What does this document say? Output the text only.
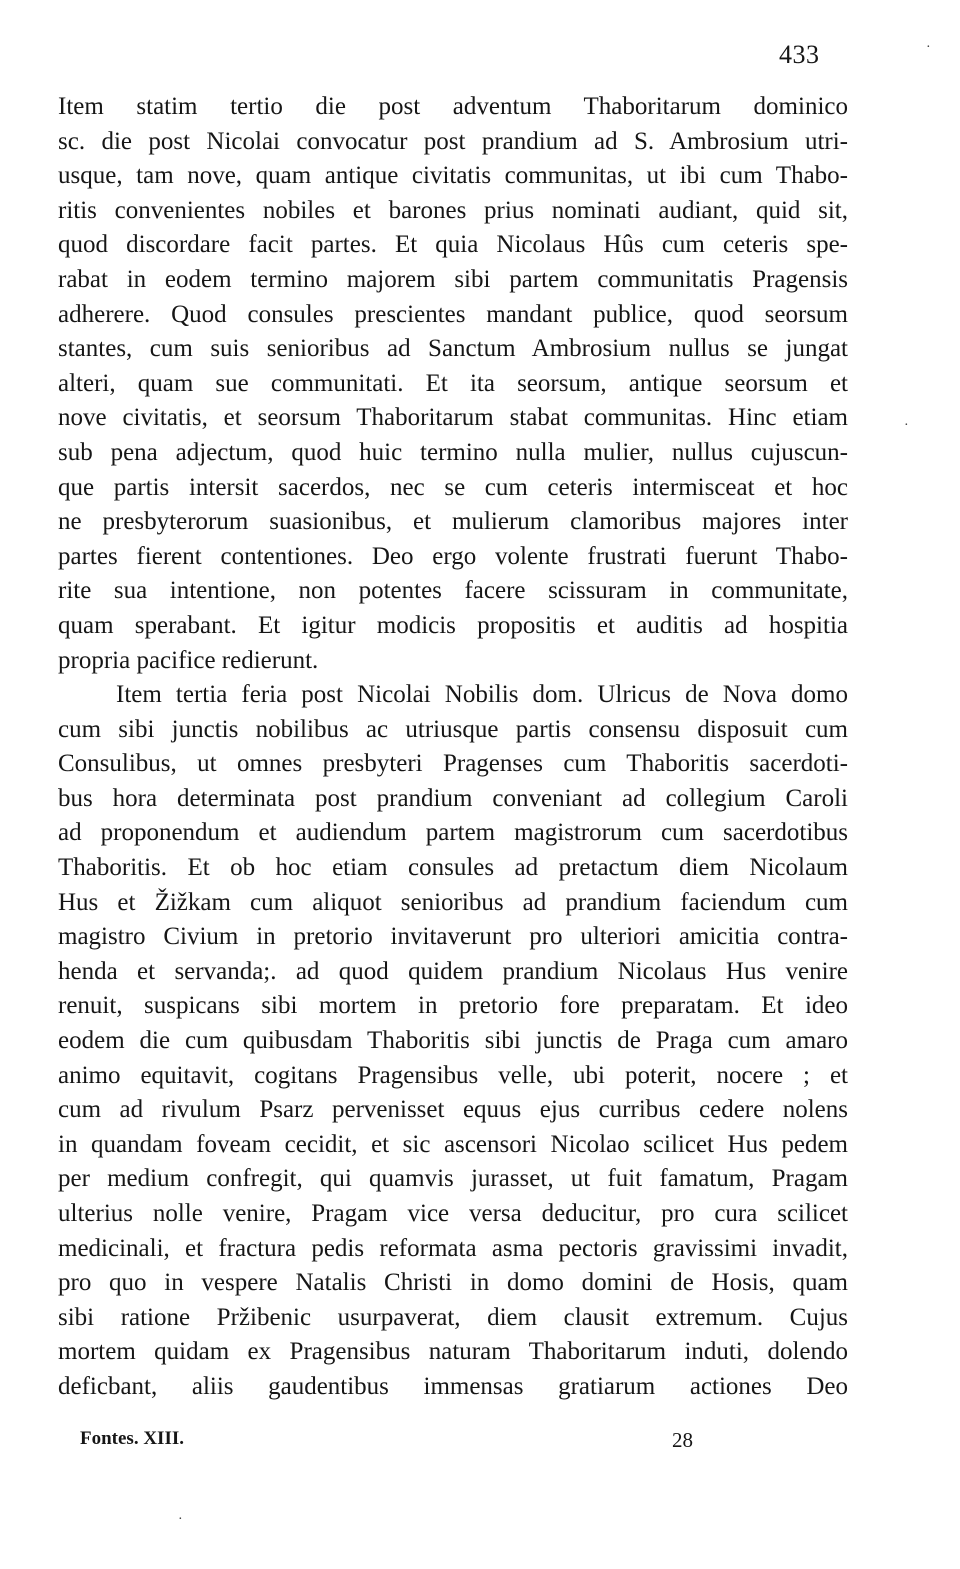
433
Item statim tertio die post adventum Thaboritarum dominico
sc. die post Nicolai convocatur post prandium ad S. Ambrosium utri-
usque, tam nove, quam antique civitatis communitas, ut ibi cum Thabo-
ritis convenientes nobiles et barones prius nominati audiant, quid sit,
quod discordare facit partes. Et quia Nicolaus Hûs cum ceteris spe-
rabat in eodem termino majorem sibi partem communitatis Pragensis
adherere. Quod consules prescientes mandant publice, quod seorsum
stantes, cum suis senioribus ad Sanctum Ambrosium nullus se jungat
alteri, quam sue communitati. Et ita seorsum, antique seorsum et
nove civitatis, et seorsum Thaboritarum stabat communitas. Hinc etiam
sub pena adjectum, quod huic termino nulla mulier, nullus cujuscun-
que partis intersit sacerdos, nec se cum ceteris intermisceat et hoc
ne presbyterorum suasionibus, et mulierum clamoribus majores inter
partes fierent contentiones. Deo ergo volente frustrati fuerunt Thabo-
rite sua intentione, non potentes facere scissuram in communitate,
quam sperabant. Et igitur modicis propositis et auditis ad hospitia
propria pacifice redierunt.
Item tertia feria post Nicolai Nobilis dom. Ulricus de Nova domo
cum sibi junctis nobilibus ac utriusque partis consensu disposuit cum
Consulibus, ut omnes presbyteri Pragenses cum Thaboritis sacerdoti-
bus hora determinata post prandium conveniant ad collegium Caroli
ad proponendum et audiendum partem magistrorum cum sacerdotibus
Thaboritis. Et ob hoc etiam consules ad pretactum diem Nicolaum
Hus et Žižkam cum aliquot senioribus ad prandium faciendum cum
magistro Civium in pretorio invitaverunt pro ulteriori amicitia contra-
henda et servanda;. ad quod quidem prandium Nicolaus Hus venire
renuit, suspicans sibi mortem in pretorio fore preparatam. Et ideo
eodem die cum quibusdam Thaboritis sibi junctis de Praga cum amaro
animo equitavit, cogitans Pragensibus velle, ubi poterit, nocere ; et
cum ad rivulum Psarz pervenisset equus ejus curribus cedere nolens
in quandam foveam cecidit, et sic ascensori Nicolao scilicet Hus pedem
per medium confregit, qui quamvis jurasset, ut fuit famatum, Pragam
ulterius nolle venire, Pragam vice versa deducitur, pro cura scilicet
medicinali, et fractura pedis reformata asma pectoris gravissimi invadit,
pro quo in vespere Natalis Christi in domo domini de Hosis, quam
sibi ratione Pržibenic usurpaverat, diem clausit extremum. Cujus
mortem quidam ex Pragensibus naturam Thaboritarum induti, dolendo
deficbant, aliis gaudentibus immensas gratiarum actiones Deo
Fontes. XIII.	28
·
·
·
